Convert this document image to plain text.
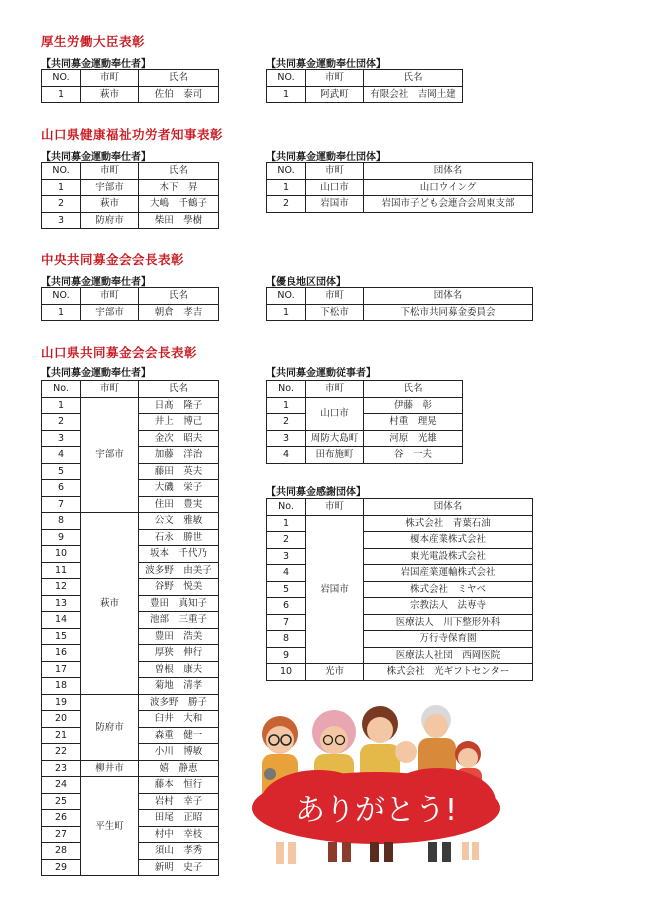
厚生労働大臣表彰
【共同募金運動奉仕者】	【共同募金運動奉仕団体】
NO.	市町	氏名
1	萩市	佐伯　泰司
NO.	市町	氏名
1	阿武町	有限会社　吉岡土建
山口県健康福祉功労者知事表彰
【共同募金運動奉仕者】	【共同募金運動奉仕団体】
NO.	市町	氏名
1	宇部市	木下　昇
2	萩市	大嶋　千鶴子
3	防府市	柴田　學樹
NO.	市町	団体名
1	山口市	山口ウイング
2	岩国市	岩国市子ども会連合会周東支部
中央共同募金会会長表彰
【共同募金運動奉仕者】	【優良地区団体】
NO.	市町	氏名
1	宇部市	朝倉　孝吉
NO.	市町	団体名
1	下松市	下松市共同募金委員会
山口県共同募金会会長表彰
【共同募金運動奉仕者】	【共同募金運動従事者】
No.	市町	氏名
1	宇部市	日髙　隆子
2		井上　博己
3		金次　昭夫
4		加藤　洋治
5		藤田　英夫
6		大磯　栄子
7		住田　豊実
8	萩市	公文　雅敏
9		石永　勝世
10		坂本　千代乃
11		波多野　由美子
12		谷野　悦美
13		豊田　真知子
14		池部　三重子
15		豊田　浩美
16		厚狭　伸行
17		曽根　康夫
18		菊地　清孝
19	防府市	波多野　勝子
20		臼井　大和
21		森重　健一
22		小川　博敏
23	柳井市	嬉　静恵
24	平生町	藤本　恒行
25		岩村　幸子
26		田尾　正昭
27		村中　幸枝
28		須山　孝秀
29		新明　史子
No.	市町	氏名
1	山口市	伊藤　彰
2		村重　理晃
3	周防大島町	河原　光雄
4	田布施町	谷　一夫
【共同募金感謝団体】
No.	市町	団体名
1	岩国市	株式会社　青葉石油
2		榎本産業株式会社
3		東光電設株式会社
4		岩国産業運輸株式会社
5		株式会社　ミヤベ
6		宗教法人　法専寺
7		医療法人　川下整形外科
8		万行寺保育園
9		医療法人社団　西岡医院
10	光市	株式会社　光ギフトセンター
ありがとう!
